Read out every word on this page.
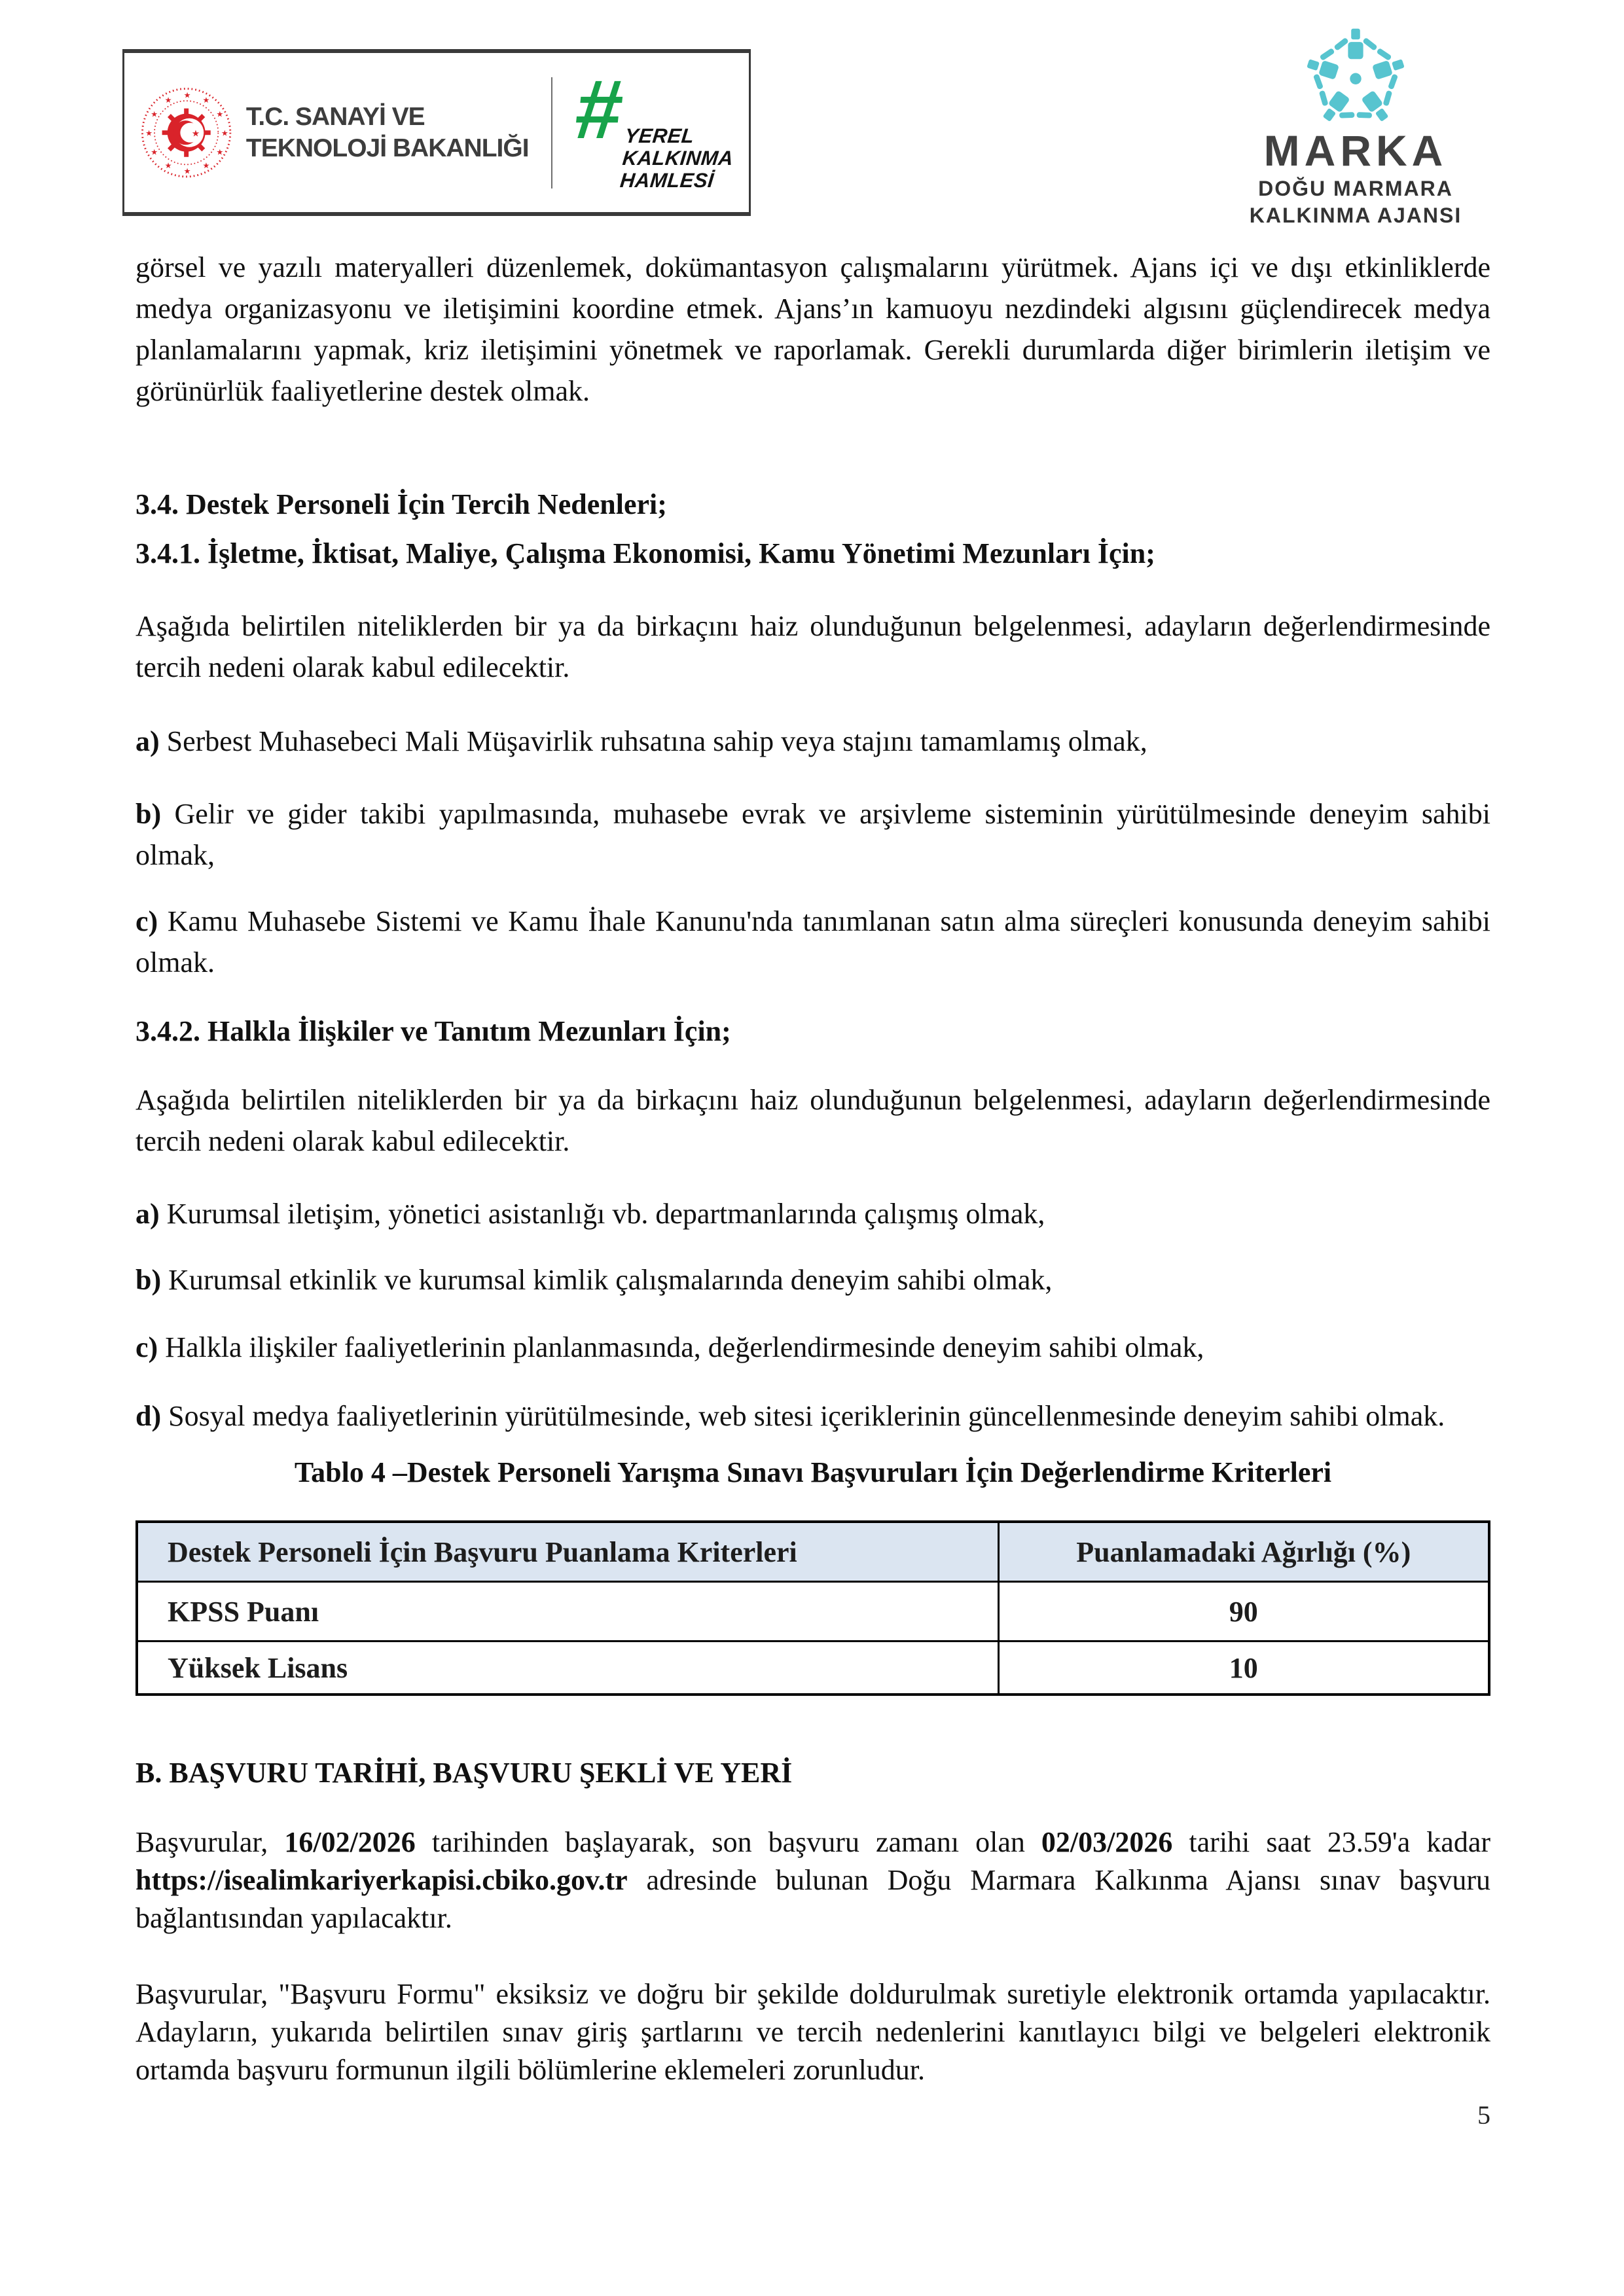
★
★
★
★
★
★
★
★
★
★
★
★
★
T.C. SANAYİ VE
TEKNOLOJİ BAKANLIĞI #
YEREL
KALKINMA
HAMLESİ
MARKA
DOĞU MARMARA
KALKINMA AJANSI

görsel ve yazılı materyalleri düzenlemek, dokümantasyon çalışmalarını yürütmek. Ajans içi ve dışı etkinliklerde medya organizasyonu ve iletişimini koordine etmek. Ajans’ın kamuoyu nezdindeki algısını güçlendirecek medya planlamalarını yapmak, kriz iletişimini yönetmek ve raporlamak. Gerekli durumlarda diğer birimlerin iletişim ve görünürlük faaliyetlerine destek olmak.

3.4. Destek Personeli İçin Tercih Nedenleri;

3.4.1. İşletme, İktisat, Maliye, Çalışma Ekonomisi, Kamu Yönetimi Mezunları İçin;

Aşağıda belirtilen niteliklerden bir ya da birkaçını haiz olunduğunun belgelenmesi, adayların değerlendirmesinde tercih nedeni olarak kabul edilecektir.

a) Serbest Muhasebeci Mali Müşavirlik ruhsatına sahip veya stajını tamamlamış olmak,

b) Gelir ve gider takibi yapılmasında, muhasebe evrak ve arşivleme sisteminin yürütülmesinde deneyim sahibi olmak,

c) Kamu Muhasebe Sistemi ve Kamu İhale Kanunu'nda tanımlanan satın alma süreçleri konusunda deneyim sahibi olmak.

3.4.2. Halkla İlişkiler ve Tanıtım Mezunları İçin;

Aşağıda belirtilen niteliklerden bir ya da birkaçını haiz olunduğunun belgelenmesi, adayların değerlendirmesinde tercih nedeni olarak kabul edilecektir.

a) Kurumsal iletişim, yönetici asistanlığı vb. departmanlarında çalışmış olmak,

b) Kurumsal etkinlik ve kurumsal kimlik çalışmalarında deneyim sahibi olmak,

c) Halkla ilişkiler faaliyetlerinin planlanmasında, değerlendirmesinde deneyim sahibi olmak,

d) Sosyal medya faaliyetlerinin yürütülmesinde, web sitesi içeriklerinin güncellenmesinde deneyim sahibi olmak.

Tablo 4 –Destek Personeli Yarışma Sınavı Başvuruları İçin Değerlendirme Kriterleri

Destek Personeli İçin Başvuru Puanlama Kriterleri	Puanlamadaki Ağırlığı (%)
KPSS Puanı	90
Yüksek Lisans	10

B. BAŞVURU TARİHİ, BAŞVURU ŞEKLİ VE YERİ

Başvurular, 16/02/2026 tarihinden başlayarak, son başvuru zamanı olan 02/03/2026 tarihi saat 23.59'a kadar https://isealimkariyerkapisi.cbiko.gov.tr adresinde bulunan Doğu Marmara Kalkınma Ajansı sınav başvuru bağlantısından yapılacaktır.

Başvurular, "Başvuru Formu" eksiksiz ve doğru bir şekilde doldurulmak suretiyle elektronik ortamda yapılacaktır. Adayların, yukarıda belirtilen sınav giriş şartlarını ve tercih nedenlerini kanıtlayıcı bilgi ve belgeleri elektronik ortamda başvuru formunun ilgili bölümlerine eklemeleri zorunludur.

5
